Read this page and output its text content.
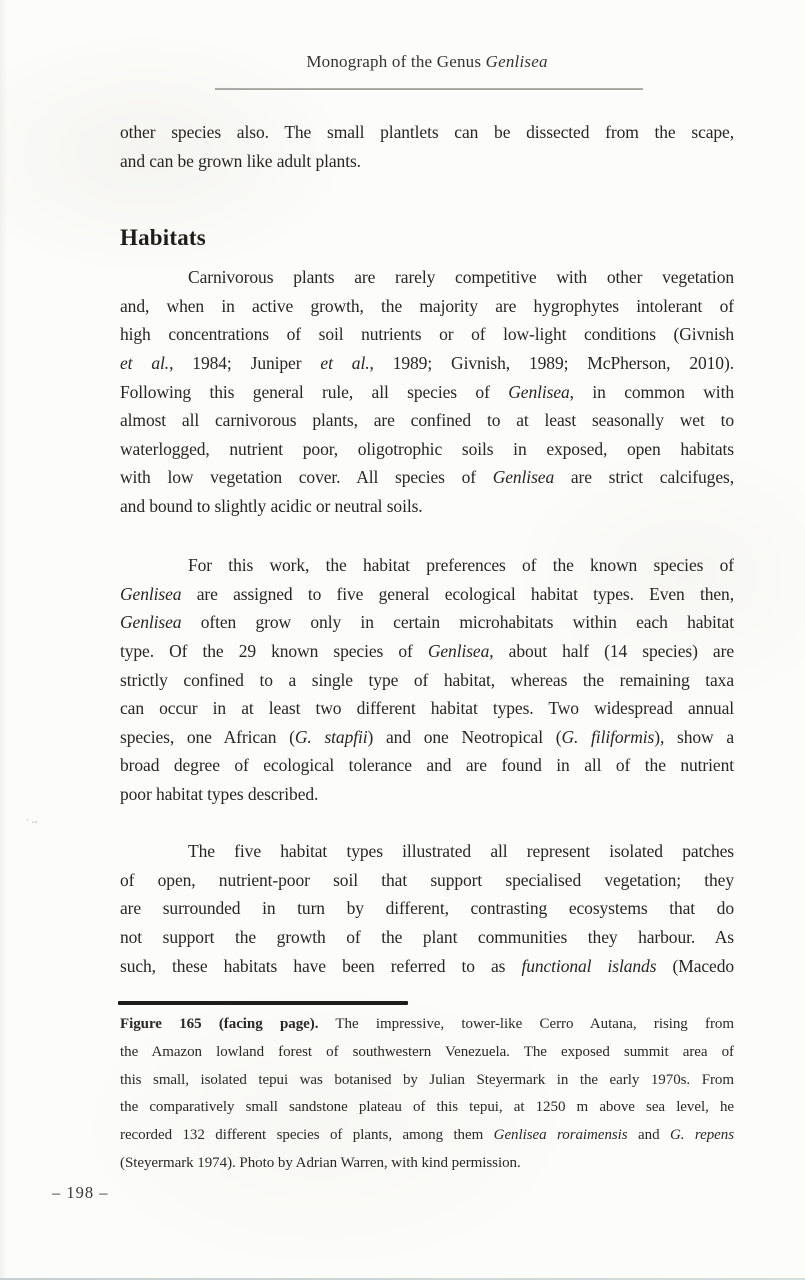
Monograph of the Genus Genlisea
other species also. The small plantlets can be dissected from the scape,
and can be grown like adult plants.
Habitats
Carnivorous plants are rarely competitive with other vegetation
and, when in active growth, the majority are hygrophytes intolerant of
high concentrations of soil nutrients or of low-light conditions (Givnish
et al., 1984; Juniper et al., 1989; Givnish, 1989; McPherson, 2010).
Following this general rule, all species of Genlisea, in common with
almost all carnivorous plants, are confined to at least seasonally wet to
waterlogged, nutrient poor, oligotrophic soils in exposed, open habitats
with low vegetation cover. All species of Genlisea are strict calcifuges,
and bound to slightly acidic or neutral soils.
For this work, the habitat preferences of the known species of
Genlisea are assigned to five general ecological habitat types. Even then,
Genlisea often grow only in certain microhabitats within each habitat
type. Of the 29 known species of Genlisea, about half (14 species) are
strictly confined to a single type of habitat, whereas the remaining taxa
can occur in at least two different habitat types. Two widespread annual
species, one African (G. stapfii) and one Neotropical (G. filiformis), show a
broad degree of ecological tolerance and are found in all of the nutrient
poor habitat types described.
The five habitat types illustrated all represent isolated patches
of open, nutrient-poor soil that support specialised vegetation; they
are surrounded in turn by different, contrasting ecosystems that do
not support the growth of the plant communities they harbour. As
such, these habitats have been referred to as functional islands (Macedo
Figure 165 (facing page). The impressive, tower-like Cerro Autana, rising from
the Amazon lowland forest of southwestern Venezuela. The exposed summit area of
this small, isolated tepui was botanised by Julian Steyermark in the early 1970s. From
the comparatively small sandstone plateau of this tepui, at 1250 m above sea level, he
recorded 132 different species of plants, among them Genlisea roraimensis and G. repens
(Steyermark 1974). Photo by Adrian Warren, with kind permission.
– 198 –
´~
